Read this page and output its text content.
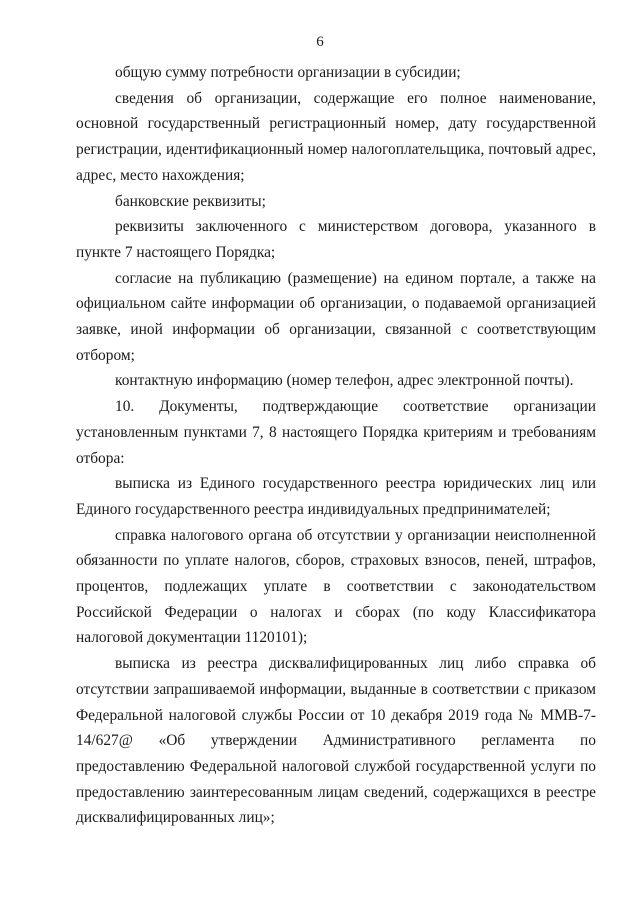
6

общую сумму потребности организации в субсидии;

сведения об организации, содержащие его полное наименование, основной государственный регистрационный номер, дату государственной регистрации, идентификационный номер налогоплательщика, почтовый адрес, адрес, место нахождения;

банковские реквизиты;

реквизиты заключенного с министерством договора, указанного в пункте 7 настоящего Порядка;

согласие на публикацию (размещение) на едином портале, а также на официальном сайте информации об организации, о подаваемой организацией заявке, иной информации об организации, связанной с соответствующим отбором;

контактную информацию (номер телефон, адрес электронной почты).

10. Документы, подтверждающие соответствие организации установленным пунктами 7, 8 настоящего Порядка критериям и требованиям отбора:

выписка из Единого государственного реестра юридических лиц или Единого государственного реестра индивидуальных предпринимателей;

справка налогового органа об отсутствии у организации неисполненной обязанности по уплате налогов, сборов, страховых взносов, пеней, штрафов, процентов, подлежащих уплате в соответствии с законодательством Российской Федерации о налогах и сборах (по коду Классификатора налоговой документации 1120101);

выписка из реестра дисквалифицированных лиц либо справка об отсутствии запрашиваемой информации, выданные в соответствии с приказом Федеральной налоговой службы России от 10 декабря 2019 года № ММВ-7-14/627@ «Об утверждении Административного регламента по предоставлению Федеральной налоговой службой государственной услуги по предоставлению заинтересованным лицам сведений, содержащихся в реестре дисквалифицированных лиц»;
